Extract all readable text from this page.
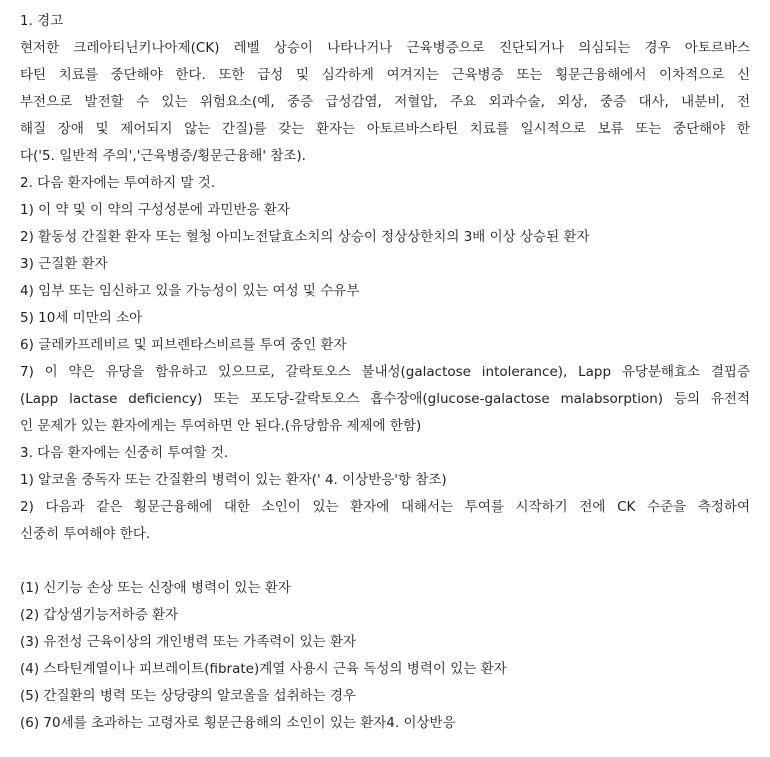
1. 경고
현저한 크레아티닌키나아제(CK) 레벨 상승이 나타나거나 근육병증으로 진단되거나 의심되는 경우 아토르바스
타틴 치료를 중단해야 한다. 또한 급성 및 심각하게 여겨지는 근육병증 또는 횡문근융해에서 이차적으로 신
부전으로 발전할 수 있는 위험요소(예, 중증 급성감염, 저혈압, 주요 외과수술, 외상, 중증 대사, 내분비, 전
해질 장애 및 제어되지 않는 간질)를 갖는 환자는 아토르바스타틴 치료를 일시적으로 보류 또는 중단해야 한
다('5. 일반적 주의','근육병증/횡문근융해' 참조).
2. 다음 환자에는 투여하지 말 것.
1) 이 약 및 이 약의 구성성분에 과민반응 환자
2) 활동성 간질환 환자 또는 혈청 아미노전달효소치의 상승이 정상상한치의 3배 이상 상승된 환자
3) 근질환 환자
4) 임부 또는 임신하고 있을 가능성이 있는 여성 및 수유부
5) 10세 미만의 소아
6) 글레카프레비르 및 피브렌타스비르를 투여 중인 환자
7) 이 약은 유당을 함유하고 있으므로, 갈락토오스 불내성(galactose intolerance), Lapp 유당분해효소 결핍증
(Lapp lactase deficiency) 또는 포도당-갈락토오스 흡수장애(glucose-galactose malabsorption) 등의 유전적
인 문제가 있는 환자에게는 투여하면 안 된다.(유당함유 제제에 한함)
3. 다음 환자에는 신중히 투여할 것.
1) 알코올 중독자 또는 간질환의 병력이 있는 환자(' 4. 이상반응'항 참조)
2) 다음과 같은 횡문근융해에 대한 소인이 있는 환자에 대해서는 투여를 시작하기 전에 CK 수준을 측정하여
신중히 투여해야 한다.
(1) 신기능 손상 또는 신장애 병력이 있는 환자
(2) 갑상샘기능저하증 환자
(3) 유전성 근육이상의 개인병력 또는 가족력이 있는 환자
(4) 스타틴계열이나 피브레이트(fibrate)계열 사용시 근육 독성의 병력이 있는 환자
(5) 간질환의 병력 또는 상당량의 알코올을 섭취하는 경우
(6) 70세를 초과하는 고령자로 횡문근융해의 소인이 있는 환자4. 이상반응
